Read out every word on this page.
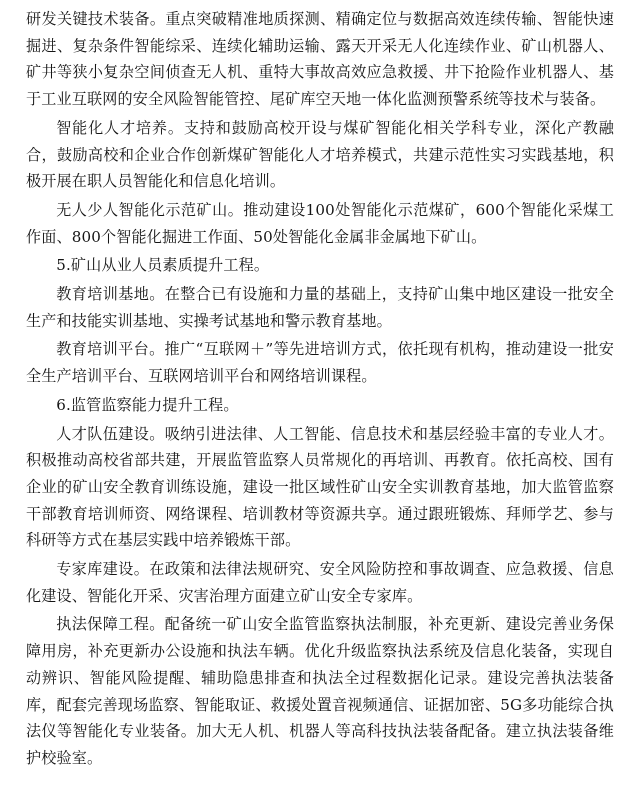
研发关键技术装备。重点突破精准地质探测、精确定位与数据高效连续传输、智能快速掘进、复杂条件智能综采、连续化辅助运输、露天开采无人化连续作业、矿山机器人、矿井等狭小复杂空间侦查无人机、重特大事故高效应急救援、井下抢险作业机器人、基于工业互联网的安全风险智能管控、尾矿库空天地一体化监测预警系统等技术与装备。

智能化人才培养。支持和鼓励高校开设与煤矿智能化相关学科专业，深化产教融合，鼓励高校和企业合作创新煤矿智能化人才培养模式，共建示范性实习实践基地，积极开展在职人员智能化和信息化培训。

无人少人智能化示范矿山。推动建设100处智能化示范煤矿，600个智能化采煤工作面、800个智能化掘进工作面、50处智能化金属非金属地下矿山。

5.矿山从业人员素质提升工程。

教育培训基地。在整合已有设施和力量的基础上，支持矿山集中地区建设一批安全生产和技能实训基地、实操考试基地和警示教育基地。

教育培训平台。推广“互联网＋”等先进培训方式，依托现有机构，推动建设一批安全生产培训平台、互联网培训平台和网络培训课程。

6.监管监察能力提升工程。

人才队伍建设。吸纳引进法律、人工智能、信息技术和基层经验丰富的专业人才。积极推动高校省部共建，开展监管监察人员常规化的再培训、再教育。依托高校、国有企业的矿山安全教育训练设施，建设一批区域性矿山安全实训教育基地，加大监管监察干部教育培训师资、网络课程、培训教材等资源共享。通过跟班锻炼、拜师学艺、参与科研等方式在基层实践中培养锻炼干部。

专家库建设。在政策和法律法规研究、安全风险防控和事故调查、应急救援、信息化建设、智能化开采、灾害治理方面建立矿山安全专家库。

执法保障工程。配备统一矿山安全监管监察执法制服，补充更新、建设完善业务保障用房，补充更新办公设施和执法车辆。优化升级监察执法系统及信息化装备，实现自动辨识、智能风险提醒、辅助隐患排查和执法全过程数据化记录。建设完善执法装备库，配套完善现场监察、智能取证、救援处置音视频通信、证据加密、5G多功能综合执法仪等智能化专业装备。加大无人机、机器人等高科技执法装备配备。建立执法装备维护校验室。
